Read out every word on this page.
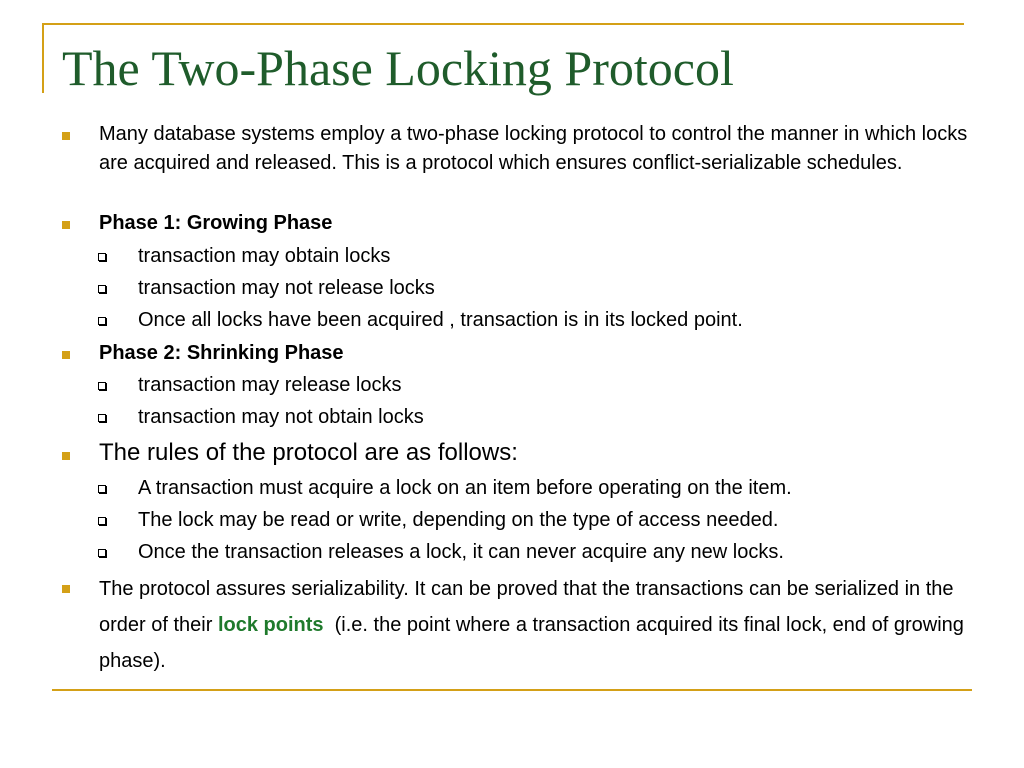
The Two-Phase Locking Protocol
Many database systems employ a two-phase locking protocol to control the manner in which locks are acquired and released. This is a protocol which ensures conflict-serializable schedules.
Phase 1: Growing Phase
transaction may obtain locks
transaction may not release locks
Once all locks have been acquired , transaction is in its locked point.
Phase 2: Shrinking Phase
transaction may release locks
transaction may not obtain locks
The rules of the protocol are as follows:
A transaction must acquire a lock on an item before operating on the item.
The lock may be read or write, depending on the type of access needed.
Once the transaction releases a lock, it can never acquire any new locks.
The protocol assures serializability. It can be proved that the transactions can be serialized in the order of their lock points  (i.e. the point where a transaction acquired its final lock, end of growing phase).
